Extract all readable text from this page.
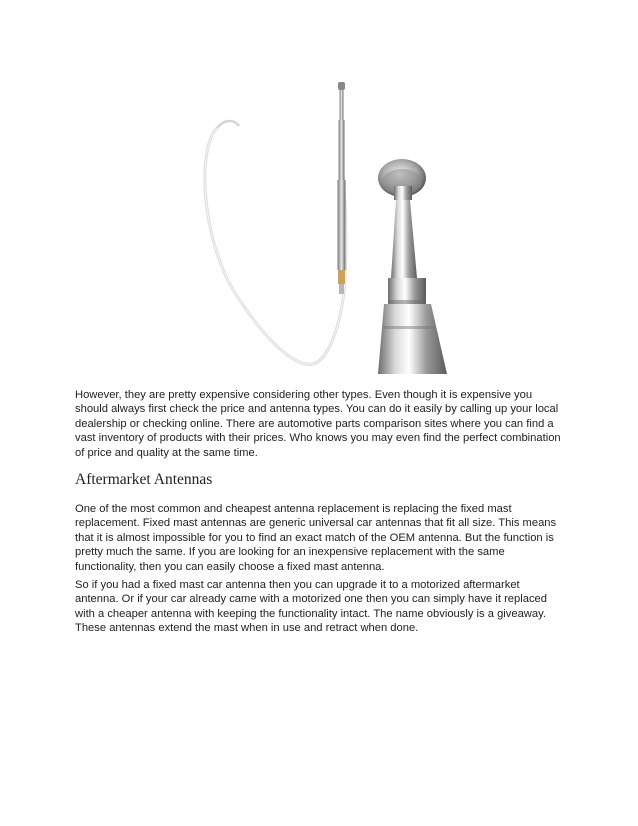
However, they are pretty expensive considering other types. Even though it is expensive you should always first check the price and antenna types. You can do it easily by calling up your local dealership or checking online. There are automotive parts comparison sites where you can find a vast inventory of products with their prices. Who knows you may even find the perfect combination of price and quality at the same time.

Aftermarket Antennas

One of the most common and cheapest antenna replacement is replacing the fixed mast replacement. Fixed mast antennas are generic universal car antennas that fit all size. This means that it is almost impossible for you to find an exact match of the OEM antenna. But the function is pretty much the same. If you are looking for an inexpensive replacement with the same functionality, then you can easily choose a fixed mast antenna.

So if you had a fixed mast car antenna then you can upgrade it to a motorized aftermarket antenna. Or if your car already came with a motorized one then you can simply have it replaced with a cheaper antenna with keeping the functionality intact. The name obviously is a giveaway. These antennas extend the mast when in use and retract when done.
